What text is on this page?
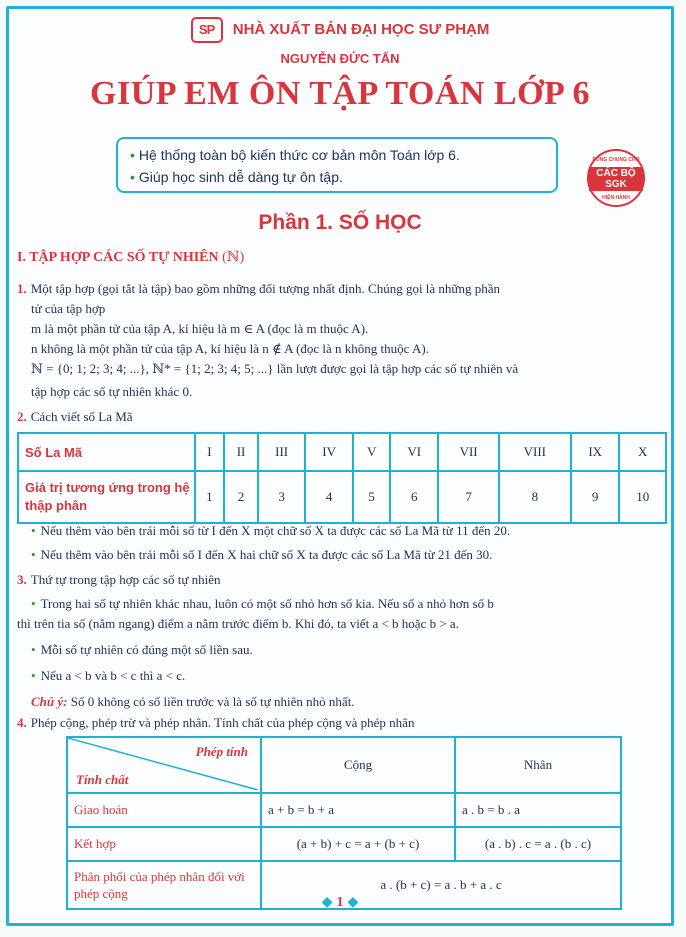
SP NHÀ XUẤT BẢN ĐẠI HỌC SƯ PHẠM
NGUYỄN ĐỨC TẤN
GIÚP EM ÔN TẬP TOÁN LỚP 6
• Hệ thống toàn bộ kiến thức cơ bản môn Toán lớp 6.
• Giúp học sinh dễ dàng tự ôn tập.
DÙNG CHUNG CHO
CÁC BỘ SGK
HIỆN HÀNH
Phần 1. SỐ HỌC
I. TẬP HỢP CÁC SỐ TỰ NHIÊN (ℕ)
1. Một tập hợp (gọi tắt là tập) bao gồm những đối tượng nhất định. Chúng gọi là những phần
tử của tập hợp
m là một phần tử của tập A, kí hiệu là m ∈ A (đọc là m thuộc A).
n không là một phần tử của tập A, kí hiệu là n ∉ A (đọc là n không thuộc A).
ℕ = {0; 1; 2; 3; 4; ...}, ℕ* = {1; 2; 3; 4; 5; ...} lần lượt được gọi là tập hợp các số tự nhiên và
tập hợp các số tự nhiên khác 0.
2. Cách viết số La Mã
Số La Mã	I	II	III	IV	V	VI	VII	VIII	IX	X
Giá trị tương ứng trong hệ thập phân	1	2	3	4	5	6	7	8	9	10
• Nếu thêm vào bên trái mỗi số từ I đến X một chữ số X ta được các số La Mã từ 11 đến 20.
• Nếu thêm vào bên trái mỗi số I đến X hai chữ số X ta được các số La Mã từ 21 đến 30.
3. Thứ tự trong tập hợp các số tự nhiên
• Trong hai số tự nhiên khác nhau, luôn có một số nhỏ hơn số kia. Nếu số a nhỏ hơn số b
thì trên tia số (nằm ngang) điểm a nằm trước điểm b. Khi đó, ta viết a < b hoặc b > a.
• Mỗi số tự nhiên có đúng một số liền sau.
• Nếu a < b và b < c thì a < c.
Chú ý: Số 0 không có số liền trước và là số tự nhiên nhỏ nhất.
4. Phép cộng, phép trừ và phép nhân. Tính chất của phép cộng và phép nhân
Phép tính
Tính chất	Cộng	Nhân
Giao hoán	a + b = b + a	a . b = b . a
Kết hợp	(a + b) + c = a + (b + c)	(a . b) . c = a . (b . c)
Phân phối của phép nhân đối với phép cộng	a . (b + c) = a . b + a . c	
◆ 1 ◆
